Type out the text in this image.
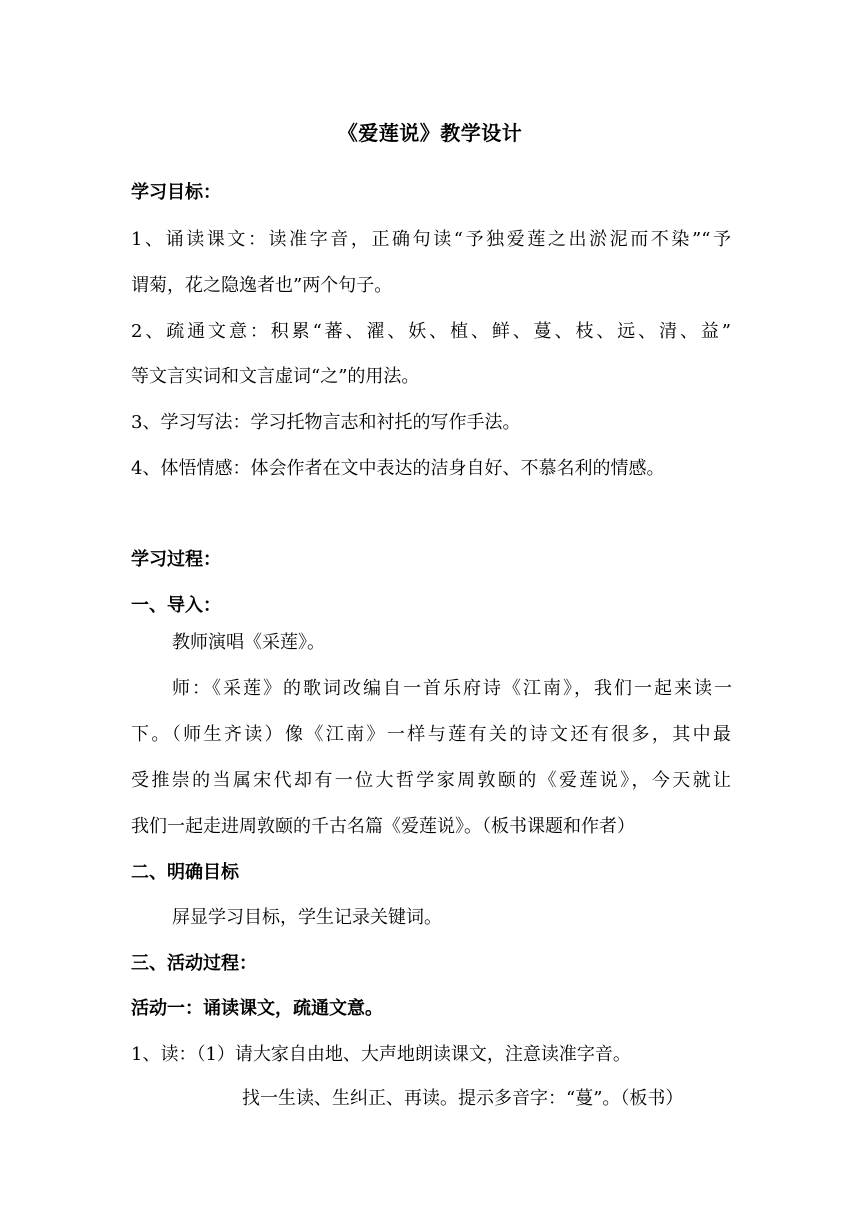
《爱莲说》教学设计
学习目标：
1、诵读课文：读准字音，正确句读“予独爱莲之出淤泥而不染”“予
谓菊，花之隐逸者也”两个句子。
2、疏通文意：积累“蕃、濯、妖、植、鲜、蔓、枝、远、清、益”
等文言实词和文言虚词“之”的用法。
3、学习写法：学习托物言志和衬托的写作手法。
4、体悟情感：体会作者在文中表达的洁身自好、不慕名利的情感。
学习过程：
一、导入：
教师演唱《采莲》。
师：《采莲》的歌词改编自一首乐府诗《江南》，我们一起来读一
下。（师生齐读）像《江南》一样与莲有关的诗文还有很多，其中最
受推崇的当属宋代却有一位大哲学家周敦颐的《爱莲说》，今天就让
我们一起走进周敦颐的千古名篇《爱莲说》。（板书课题和作者）
二、明确目标
屏显学习目标，学生记录关键词。
三、活动过程：
活动一：诵读课文，疏通文意。
1、读：（1）请大家自由地、大声地朗读课文，注意读准字音。
找一生读、生纠正、再读。提示多音字：“蔓”。（板书）
